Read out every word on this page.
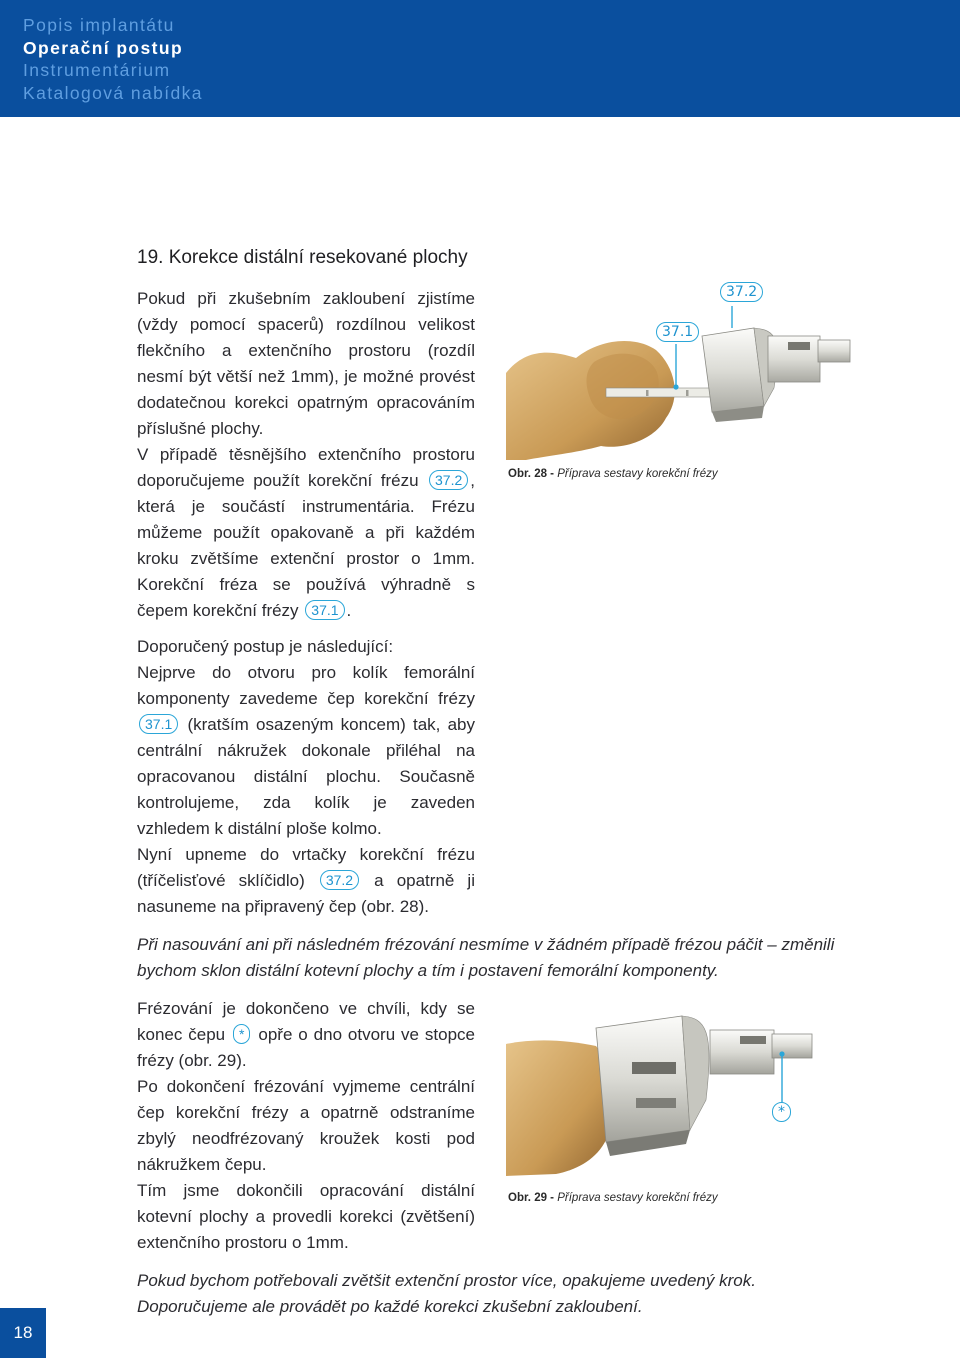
Popis implantátu
Operační postup
Instrumentárium
Katalogová nabídka
19. Korekce distální resekované plochy

Pokud při zkušebním zakloubení zjistíme (vždy pomocí spacerů) rozdílnou velikost flekčního a extenčního prostoru (rozdíl nesmí být větší než 1mm), je možné provést dodatečnou korekci opatrným opracováním příslušné plochy.

V případě těsnějšího extenčního prostoru doporučujeme použít korekční frézu 37.2 , která je součástí instrumentária. Frézu můžeme použít opakovaně a při každém kroku zvětšíme extenční prostor o 1mm. Korekční fréza se používá výhradně s čepem korekční frézy 37.1 .

Doporučený postup je následující:

Nejprve do otvoru pro kolík femorální komponenty zavedeme čep korekční frézy 37.1 (kratším osazeným koncem) tak, aby centrální nákružek dokonale přiléhal na opracovanou distální plochu. Současně kontrolujeme, zda kolík je zaveden vzhledem k distální ploše kolmo.

Nyní upneme do vrtačky korekční frézu (tříčelisťové sklíčidlo) 37.2 a opatrně ji nasuneme na připravený čep (obr. 28).

Při nasouvání ani při následném frézování nesmíme v žádném případě frézou páčit – změnili bychom sklon distální kotevní plochy a tím i postavení femorální komponenty.

Frézování je dokončeno ve chvíli, kdy se konec čepu * opře o dno otvoru ve stopce frézy (obr. 29).

Po dokončení frézování vyjmeme centrální čep korekční frézy a opatrně odstraníme zbylý neodfrézovaný kroužek kosti pod nákružkem čepu.

Tím jsme dokončili opracování distální kotevní plochy a provedli korekci (zvětšení) extenčního prostoru o 1mm.

Pokud bychom potřebovali zvětšit extenční prostor více, opakujeme uvedený krok.
Doporučujeme ale provádět po každé korekci zkušební zakloubení.
37.1
37.2
Obr. 28 - Příprava sestavy korekční frézy
*
Obr. 29 - Příprava sestavy korekční frézy
18
